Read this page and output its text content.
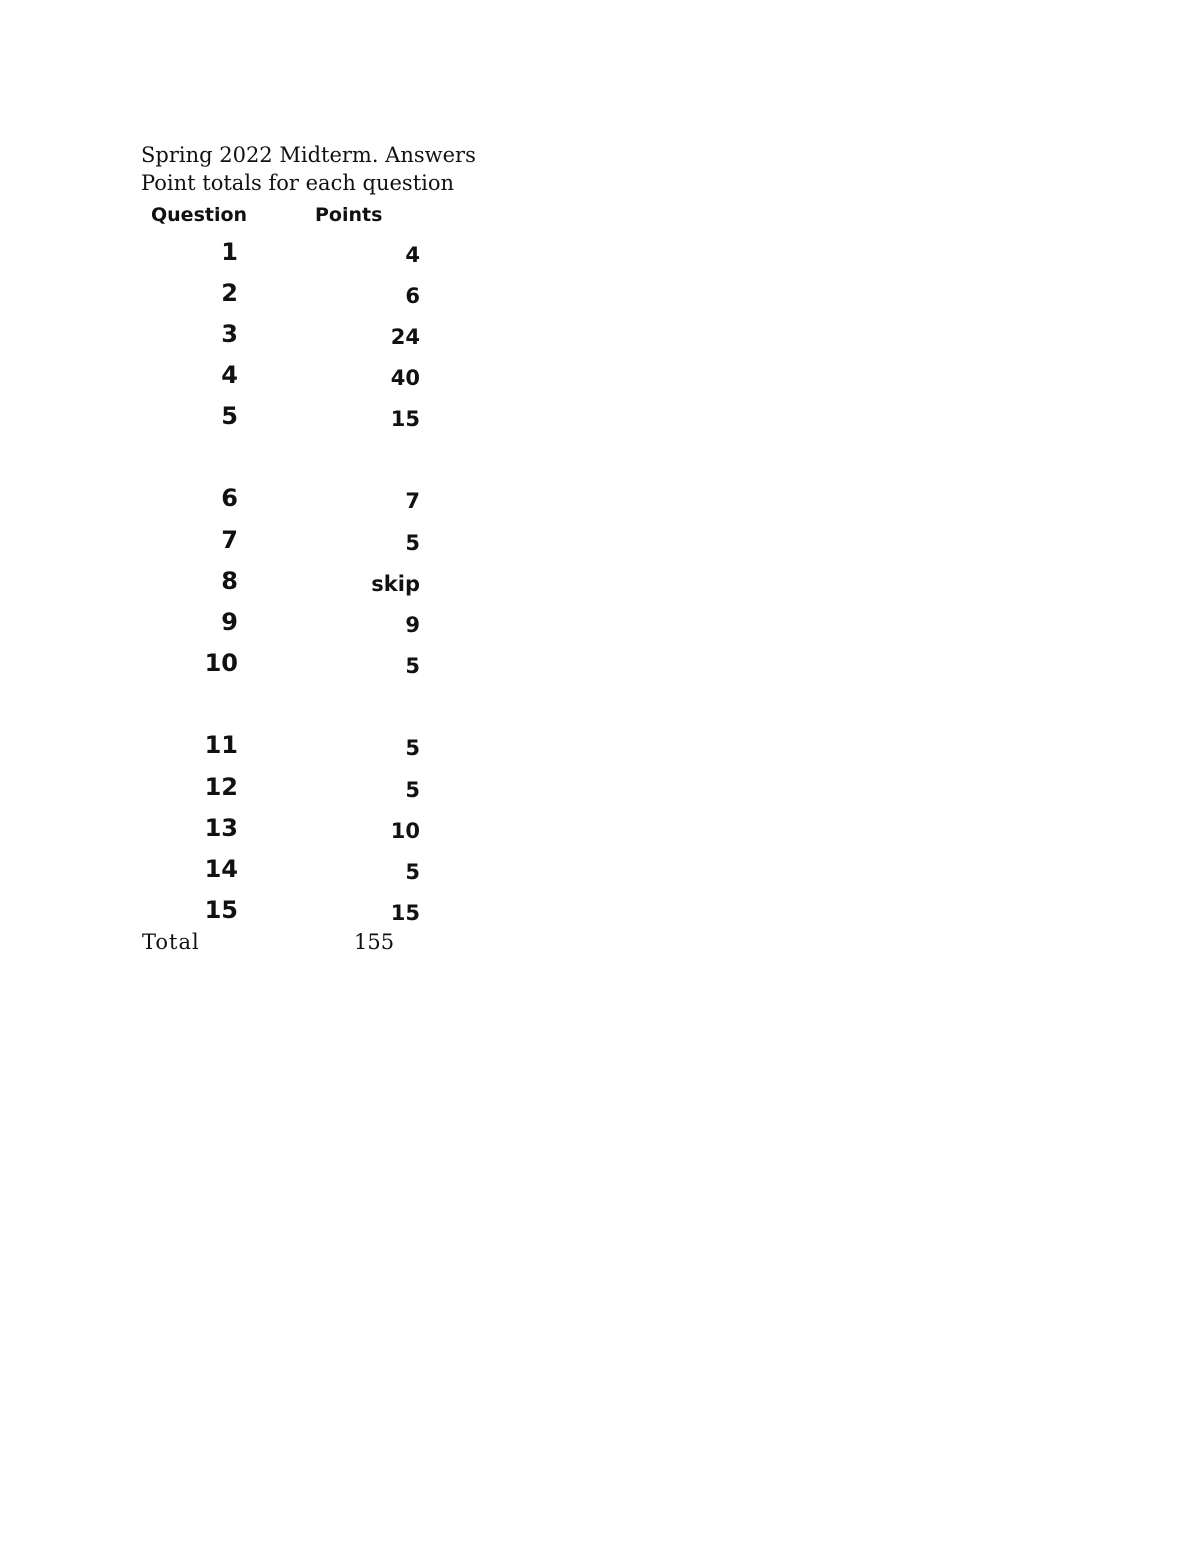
Spring 2022 Midterm. Answers
Point totals for each question
Question	Points
1	4
2	6
3	24
4	40
5	15
6	7
7	5
8	skip
9	9
10	5
11	5
12	5
13	10
14	5
15	15
Total	155
